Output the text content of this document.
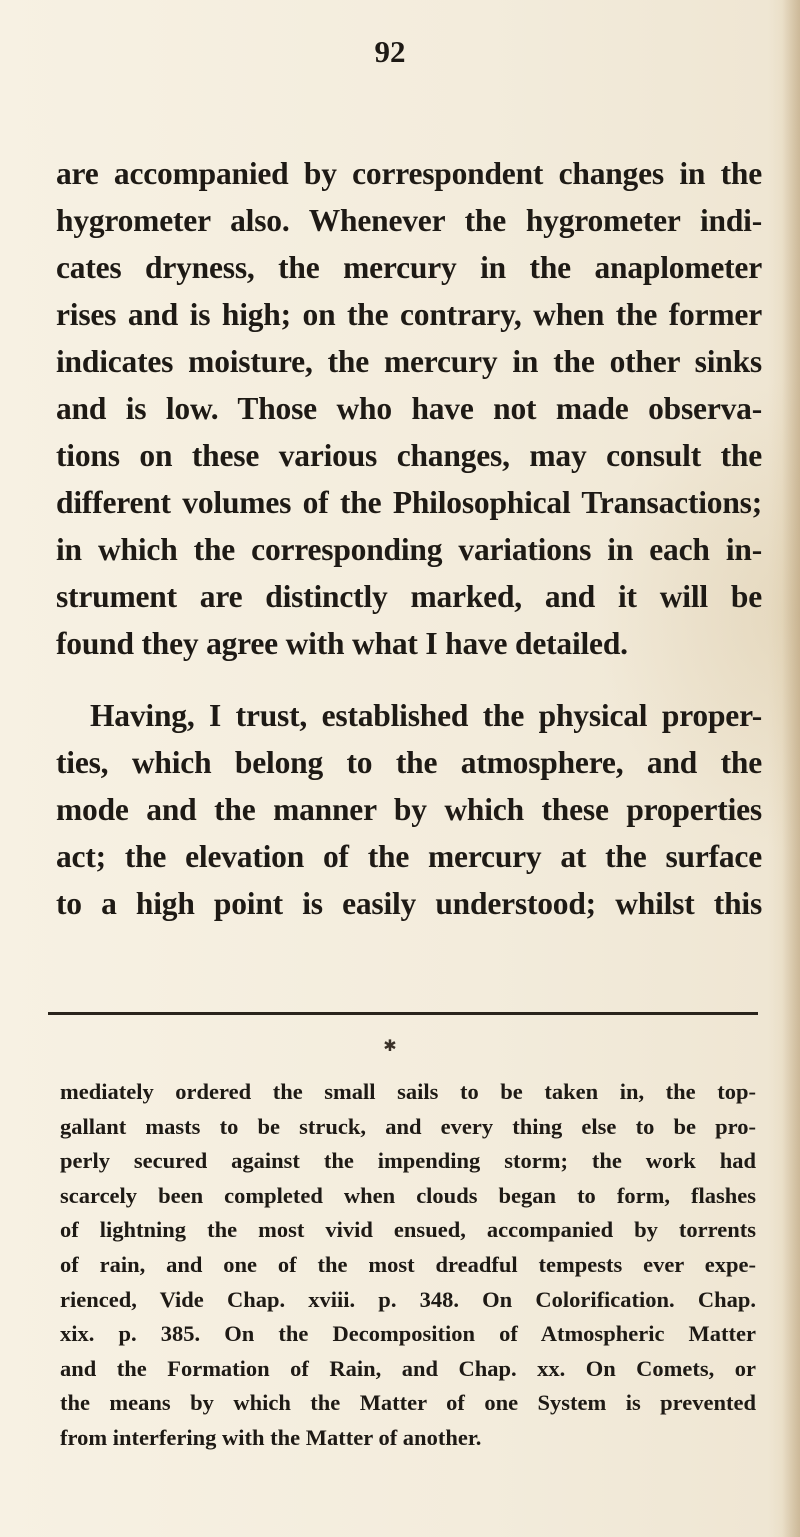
92
are accompanied by correspondent changes in the
hygrometer also. Whenever the hygrometer indi-
cates dryness, the mercury in the anaplometer
rises and is high; on the contrary, when the former
indicates moisture, the mercury in the other sinks
and is low. Those who have not made observa-
tions on these various changes, may consult the
different volumes of the Philosophical Transactions;
in which the corresponding variations in each in-
strument are distinctly marked, and it will be
found they agree with what I have detailed.
Having, I trust, established the physical proper-
ties, which belong to the atmosphere, and the
mode and the manner by which these properties
act; the elevation of the mercury at the surface
to a high point is easily understood; whilst this
✱
mediately ordered the small sails to be taken in, the top-
gallant masts to be struck, and every thing else to be pro-
perly secured against the impending storm; the work had
scarcely been completed when clouds began to form, flashes
of lightning the most vivid ensued, accompanied by torrents
of rain, and one of the most dreadful tempests ever expe-
rienced, Vide Chap. xviii. p. 348. On Colorification. Chap.
xix. p. 385. On the Decomposition of Atmospheric Matter
and the Formation of Rain, and Chap. xx. On Comets, or
the means by which the Matter of one System is prevented
from interfering with the Matter of another.
